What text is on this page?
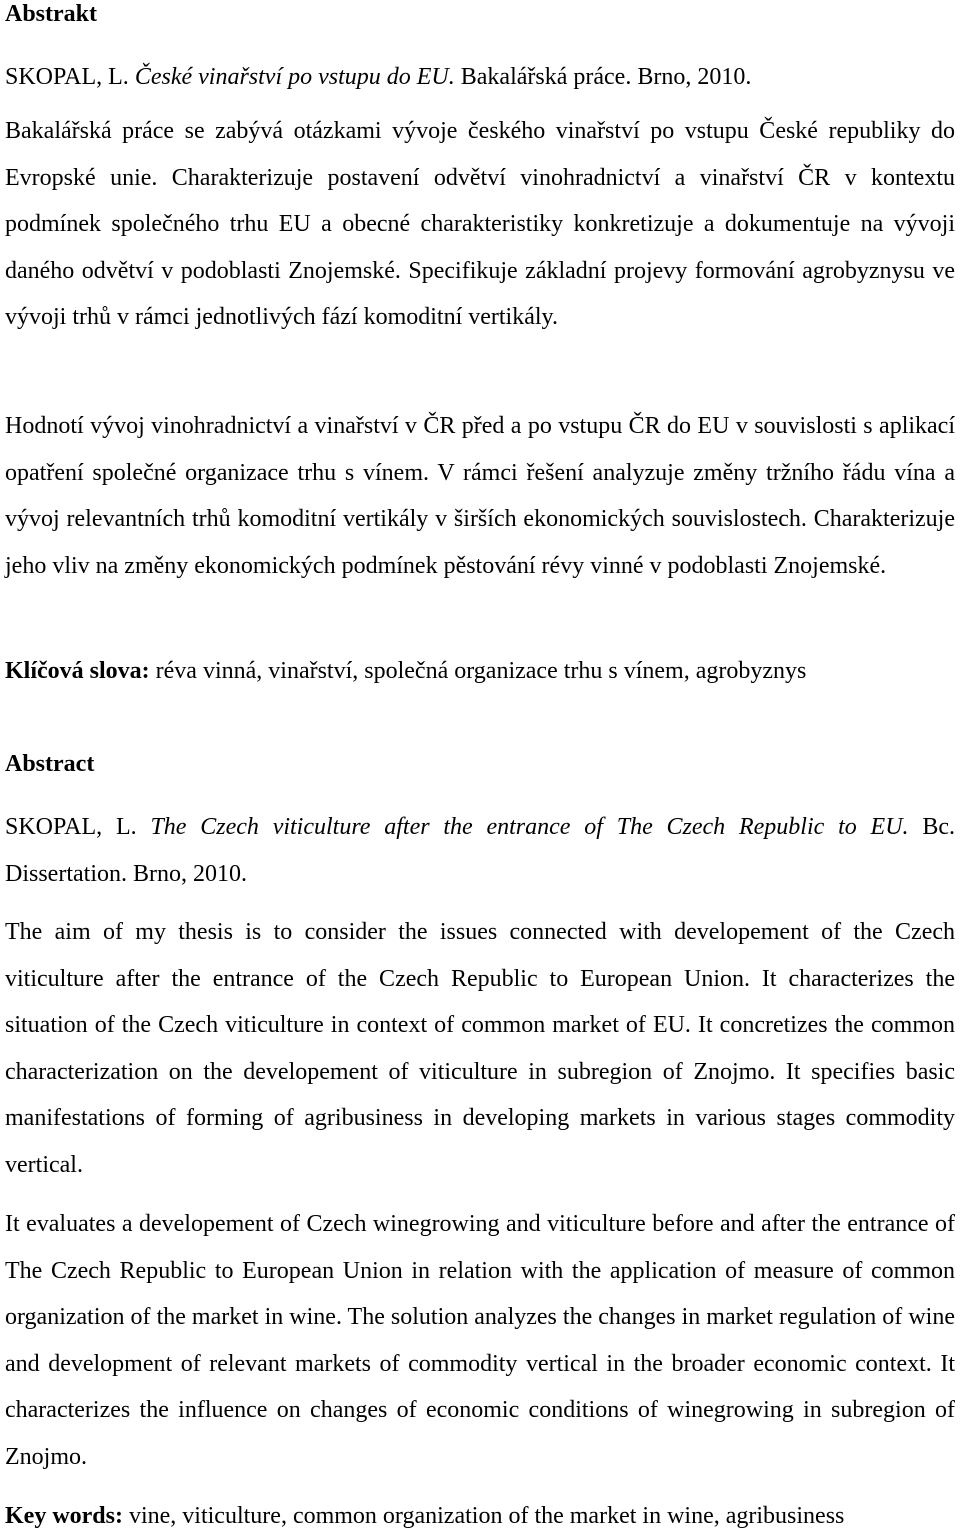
Abstrakt

SKOPAL, L. České vinařství po vstupu do EU. Bakalářská práce. Brno, 2010.

Bakalářská práce se zabývá otázkami vývoje českého vinařství po vstupu České republiky do Evropské unie. Charakterizuje postavení odvětví vinohradnictví a vinařství ČR v kontextu podmínek společného trhu EU a obecné charakteristiky konkretizuje a dokumentuje na vývoji daného odvětví v podoblasti Znojemské. Specifikuje základní projevy formování agrobyznysu ve vývoji trhů v rámci jednotlivých fází komoditní vertikály.

Hodnotí vývoj vinohradnictví a vinařství v ČR před a po vstupu ČR do EU v souvislosti s aplikací opatření společné organizace trhu s vínem. V rámci řešení analyzuje změny tržního řádu vína a vývoj relevantních trhů komoditní vertikály v širších ekonomických souvislostech. Charakterizuje jeho vliv na změny ekonomických podmínek pěstování révy vinné v podoblasti Znojemské.

Klíčová slova: réva vinná, vinařství, společná organizace trhu s vínem, agrobyznys

Abstract

SKOPAL, L. The Czech viticulture after the entrance of The Czech Republic to EU. Bc. Dissertation. Brno, 2010.

The aim of my thesis is to consider the issues connected with developement of the Czech viticulture after the entrance of the Czech Republic to European Union. It characterizes the situation of the Czech viticulture in context of common market of EU. It concretizes the common characterization on the developement of viticulture in subregion of Znojmo. It specifies basic manifestations of forming of agribusiness in developing markets in various stages commodity vertical.

It evaluates a developement of Czech winegrowing and viticulture before and after the entrance of The Czech Republic to European Union in relation with the application of measure of common organization of the market in wine. The solution analyzes the changes in market regulation of wine and development of relevant markets of commodity vertical in the broader economic context. It characterizes the influence on changes of economic conditions of winegrowing in subregion of Znojmo.

Key words: vine, viticulture, common organization of the market in wine, agribusiness
